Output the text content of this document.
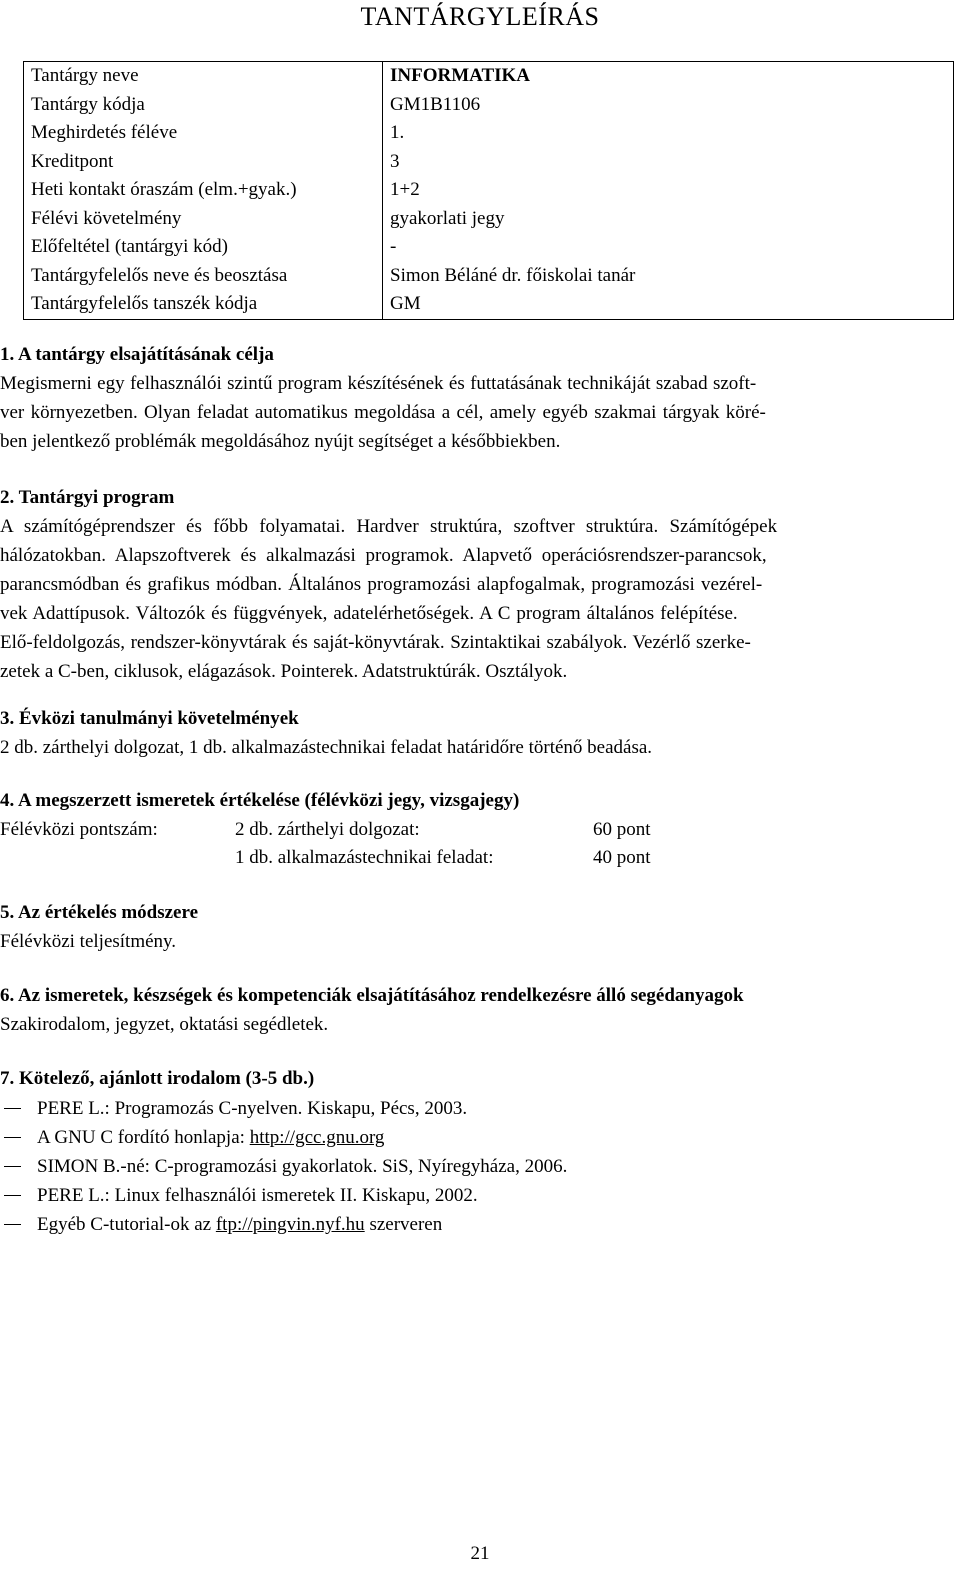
TANTÁRGYLEÍRÁS
Tantárgy neve	INFORMATIKA
Tantárgy kódja	GM1B1106
Meghirdetés féléve	1.
Kreditpont	3
Heti kontakt óraszám (elm.+gyak.)	1+2
Félévi követelmény	gyakorlati jegy
Előfeltétel (tantárgyi kód)	-
Tantárgyfelelős neve és beosztása	Simon Béláné dr. főiskolai tanár
Tantárgyfelelős tanszék kódja	GM
1. A tantárgy elsajátításának célja
Megismerni egy felhasználói szintű program készítésének és futtatásának technikáját szabad szoft-
ver környezetben. Olyan feladat automatikus megoldása a cél, amely egyéb szakmai tárgyak köré-
ben jelentkező problémák megoldásához nyújt segítséget a későbbiekben.
2. Tantárgyi program
A számítógéprendszer és főbb folyamatai. Hardver struktúra, szoftver struktúra. Számítógépek
hálózatokban. Alapszoftverek és alkalmazási programok. Alapvető operációsrendszer-parancsok,
parancsmódban és grafikus módban. Általános programozási alapfogalmak, programozási vezérel-
vek Adattípusok. Változók és függvények, adatelérhetőségek. A C program általános felépítése.
Elő-feldolgozás, rendszer-könyvtárak és saját-könyvtárak. Szintaktikai szabályok. Vezérlő szerke-
zetek a C-ben, ciklusok, elágazások. Pointerek. Adatstruktúrák. Osztályok.
3. Évközi tanulmányi követelmények
2 db. zárthelyi dolgozat, 1 db. alkalmazástechnikai feladat határidőre történő beadása.
4. A megszerzett ismeretek értékelése (félévközi jegy, vizsgajegy)
Félévközi pontszám:	2 db. zárthelyi dolgozat:	60 pont
1 db. alkalmazástechnikai feladat:	40 pont
5. Az értékelés módszere
Félévközi teljesítmény.
6. Az ismeretek, készségek és kompetenciák elsajátításához rendelkezésre álló segédanyagok
Szakirodalom, jegyzet, oktatási segédletek.
7. Kötelező, ajánlott irodalom (3-5 db.)
PERE L.: Programozás C-nyelven. Kiskapu, Pécs, 2003.
A GNU C fordító honlapja: http://gcc.gnu.org
SIMON B.-né: C-programozási gyakorlatok. SiS, Nyíregyháza, 2006.
PERE L.: Linux felhasználói ismeretek II. Kiskapu, 2002.
Egyéb C-tutorial-ok az ftp://pingvin.nyf.hu szerveren
21
